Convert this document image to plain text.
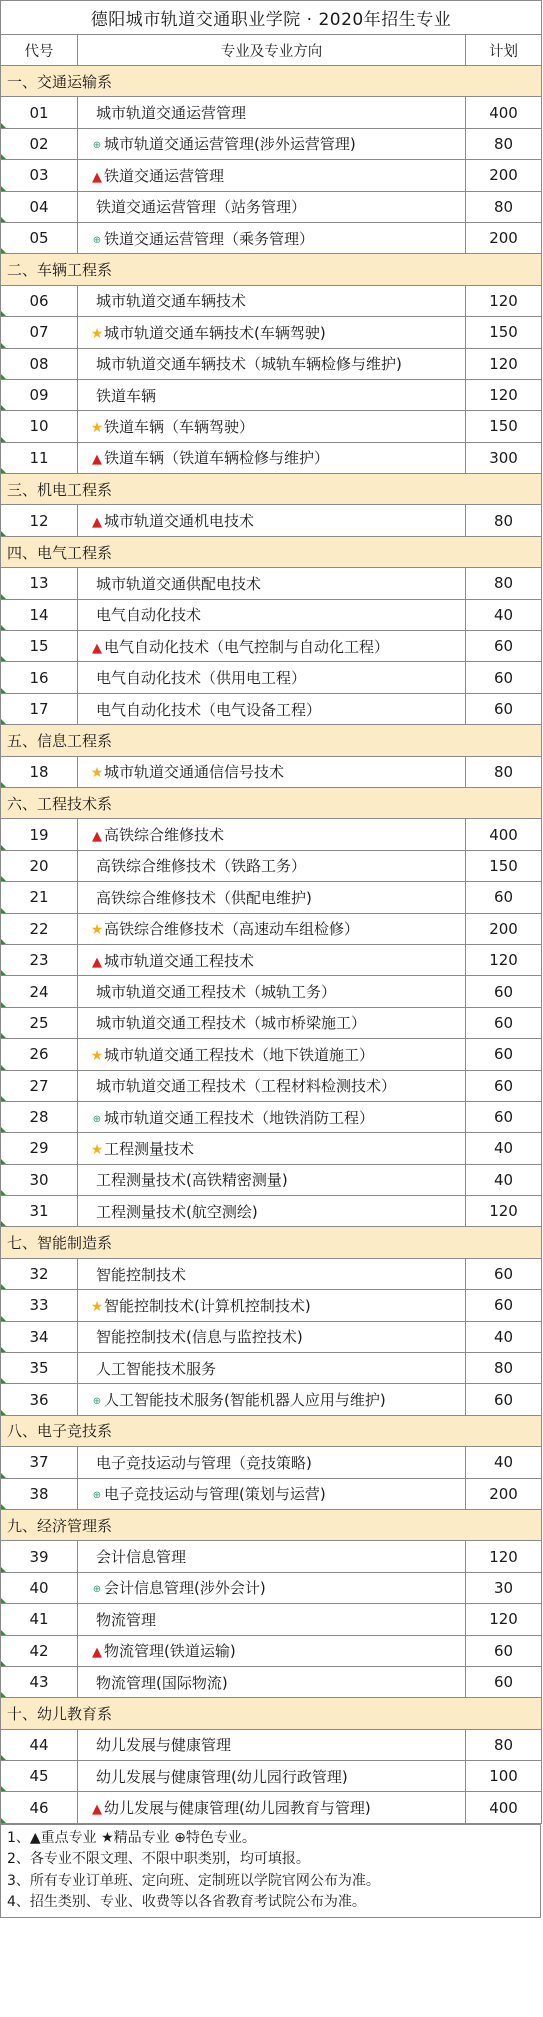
德阳城市轨道交通职业学院 · 2020年招生专业		
代号	专业及专业方向	计划
一、交通运输系		
01	城市轨道交通运营管理	400
02	⊕ 城市轨道交通运营管理(涉外运营管理)	80
03	▲ 铁道交通运营管理	200
04	铁道交通运营管理（站务管理）	80
05	⊕ 铁道交通运营管理（乘务管理）	200
二、车辆工程系		
06	城市轨道交通车辆技术	120
07	★城市轨道交通车辆技术(车辆驾驶)	150
08	城市轨道交通车辆技术（城轨车辆检修与维护)	120
09	铁道车辆	120
10	★铁道车辆（车辆驾驶）	150
11	▲ 铁道车辆（铁道车辆检修与维护）	300
三、机电工程系		
12	▲ 城市轨道交通机电技术	80
四、电气工程系		
13	城市轨道交通供配电技术	80
14	电气自动化技术	40
15	▲ 电气自动化技术（电气控制与自动化工程）	60
16	电气自动化技术（供用电工程）	60
17	电气自动化技术（电气设备工程）	60
五、信息工程系		
18	★城市轨道交通通信信号技术	80
六、工程技术系		
19	▲ 高铁综合维修技术	400
20	高铁综合维修技术（铁路工务）	150
21	高铁综合维修技术（供配电维护)	60
22	★高铁综合维修技术（高速动车组检修）	200
23	▲ 城市轨道交通工程技术	120
24	城市轨道交通工程技术（城轨工务）	60
25	城市轨道交通工程技术（城市桥梁施工）	60
26	★城市轨道交通工程技术（地下铁道施工）	60
27	城市轨道交通工程技术（工程材料检测技术）	60
28	⊕ 城市轨道交通工程技术（地铁消防工程）	60
29	★工程测量技术	40
30	工程测量技术(高铁精密测量)	40
31	工程测量技术(航空测绘)	120
七、智能制造系		
32	智能控制技术	60
33	★智能控制技术(计算机控制技术)	60
34	智能控制技术(信息与监控技术)	40
35	人工智能技术服务	80
36	⊕ 人工智能技术服务(智能机器人应用与维护)	60
八、电子竞技系		
37	电子竞技运动与管理（竞技策略)	40
38	⊕ 电子竞技运动与管理(策划与运营)	200
九、经济管理系		
39	会计信息管理	120
40	⊕ 会计信息管理(涉外会计)	30
41	物流管理	120
42	▲ 物流管理(铁道运输)	60
43	物流管理(国际物流)	60
十、幼儿教育系		
44	幼儿发展与健康管理	80
45	幼儿发展与健康管理(幼儿园行政管理)	100
46	▲ 幼儿发展与健康管理(幼儿园教育与管理)	400
1、▲重点专业 ★精品专业 ⊕特色专业。
2、各专业不限文理、不限中职类别，均可填报。
3、所有专业订单班、定向班、定制班以学院官网公布为准。
4、招生类别、专业、收费等以各省教育考试院公布为准。
